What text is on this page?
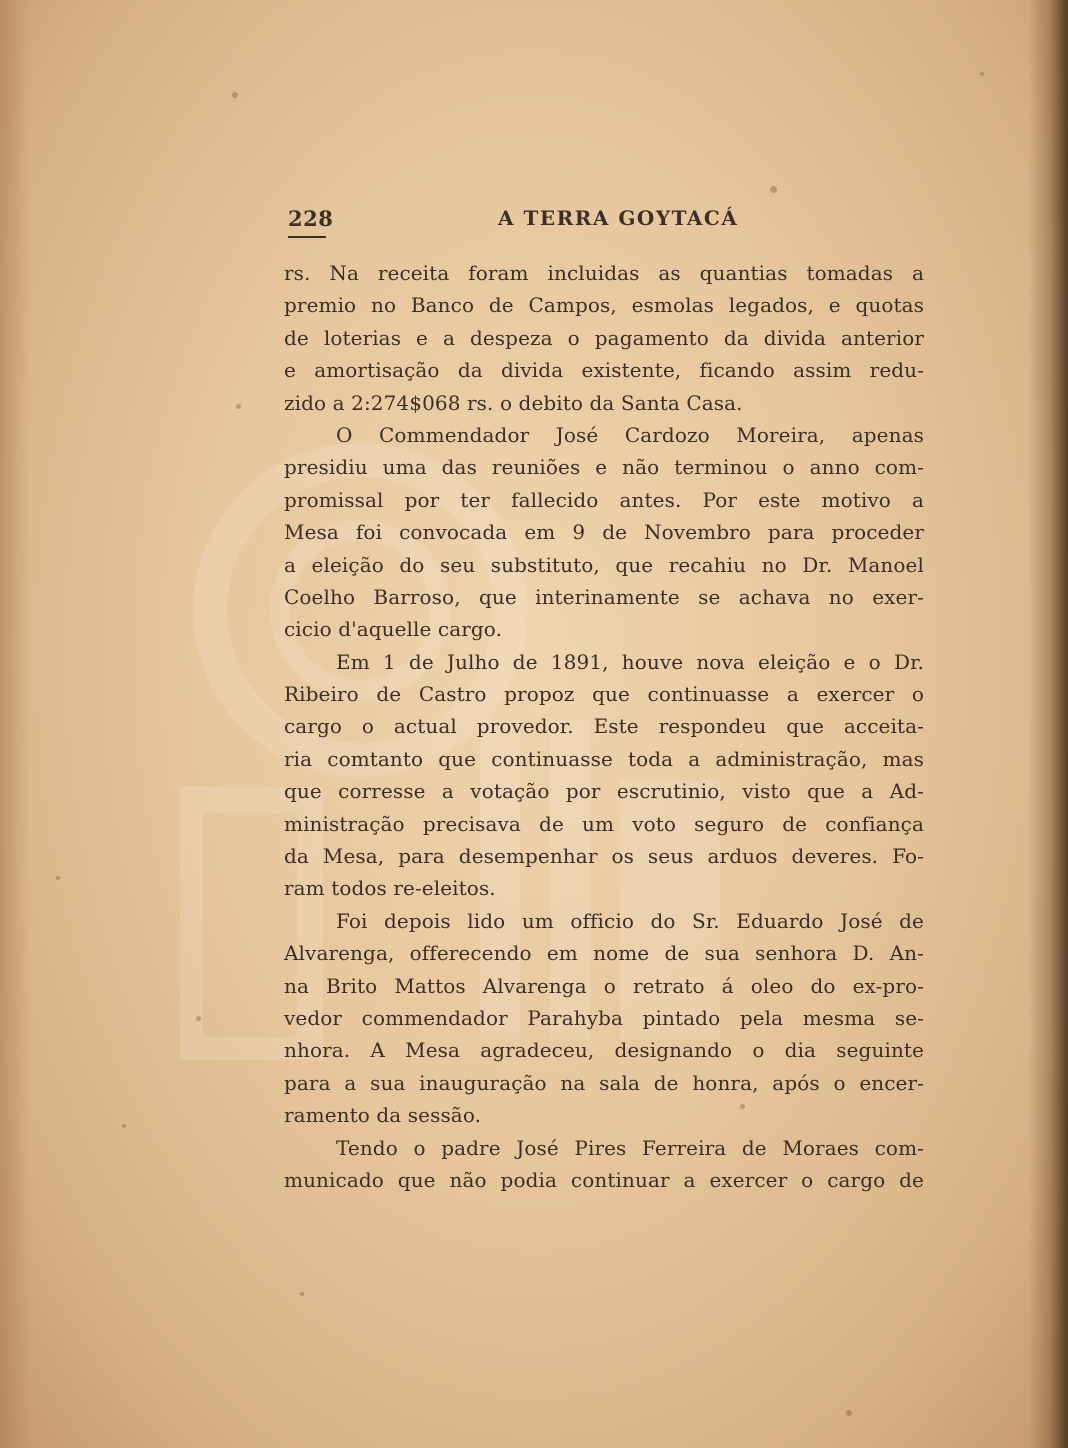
228	A TERRA GOYTACÁ
rs. Na receita foram incluidas as quantias tomadas a
premio no Banco de Campos, esmolas legados, e quotas
de loterias e a despeza o pagamento da divida anterior
e amortisação da divida existente, ficando assim redu-
zido a 2:274$068 rs. o debito da Santa Casa.
O Commendador José Cardozo Moreira, apenas
presidiu uma das reuniões e não terminou o anno com-
promissal por ter fallecido antes. Por este motivo a
Mesa foi convocada em 9 de Novembro para proceder
a eleição do seu substituto, que recahiu no Dr. Manoel
Coelho Barroso, que interinamente se achava no exer-
cicio d'aquelle cargo.
Em 1 de Julho de 1891, houve nova eleição e o Dr.
Ribeiro de Castro propoz que continuasse a exercer o
cargo o actual provedor. Este respondeu que acceita-
ria comtanto que continuasse toda a administração, mas
que corresse a votação por escrutinio, visto que a Ad-
ministração precisava de um voto seguro de confiança
da Mesa, para desempenhar os seus arduos deveres. Fo-
ram todos re-eleitos.
Foi depois lido um officio do Sr. Eduardo José de
Alvarenga, offerecendo em nome de sua senhora D. An-
na Brito Mattos Alvarenga o retrato á oleo do ex-pro-
vedor commendador Parahyba pintado pela mesma se-
nhora. A Mesa agradeceu, designando o dia seguinte
para a sua inauguração na sala de honra, após o encer-
ramento da sessão.
Tendo o padre José Pires Ferreira de Moraes com-
municado que não podia continuar a exercer o cargo de
